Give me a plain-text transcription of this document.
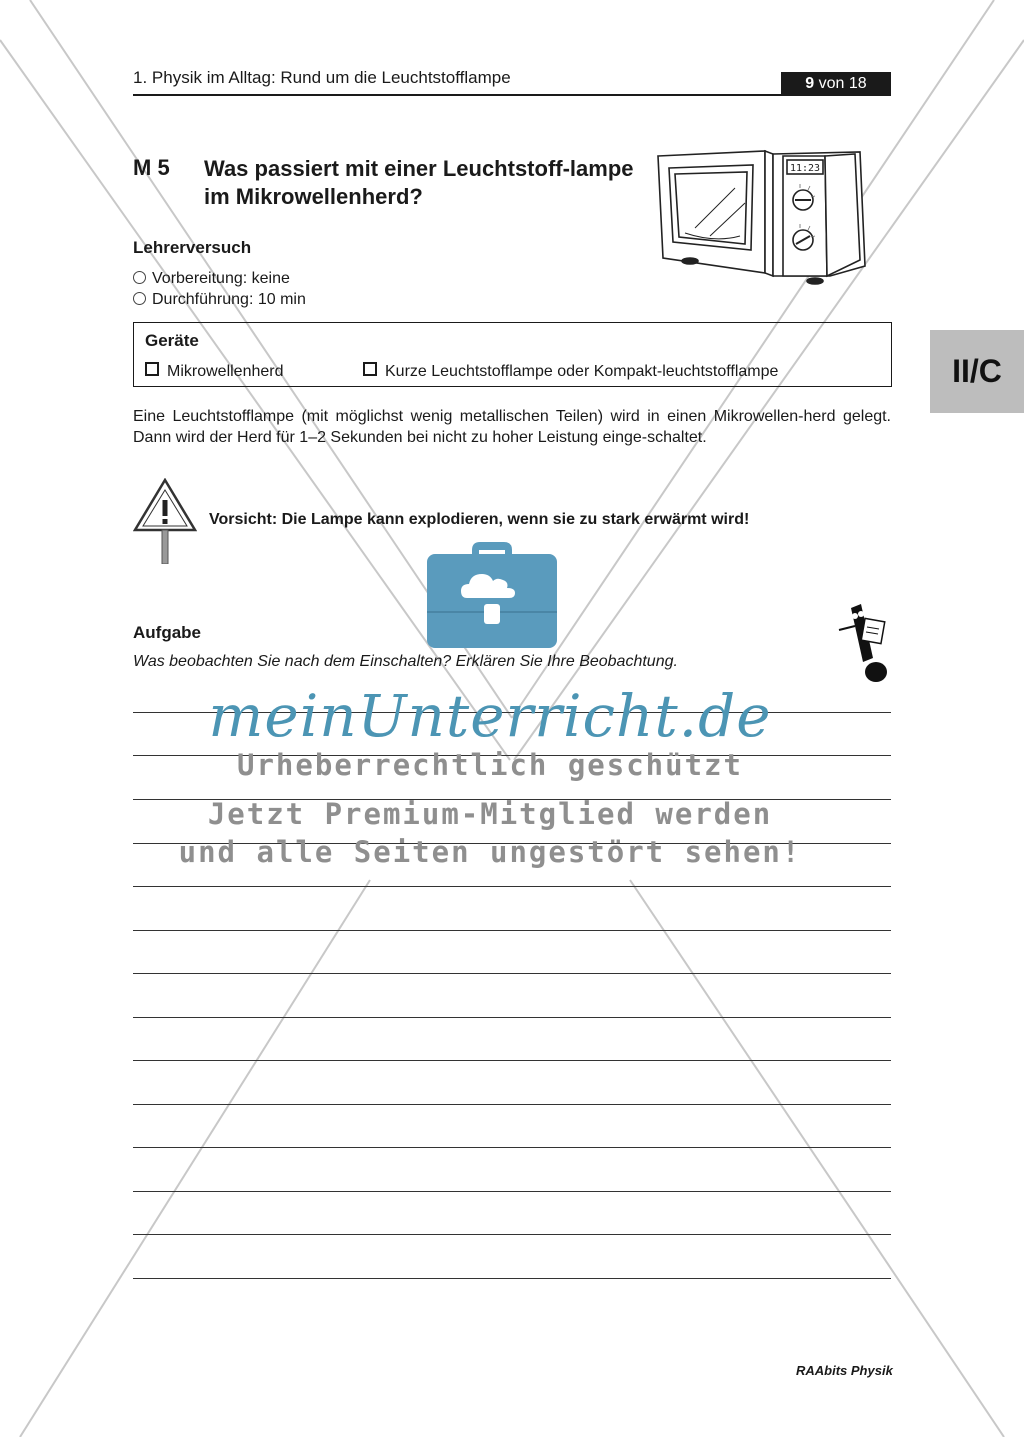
1. Physik im Alltag: Rund um die Leuchtstofflampe	9 von 18
II/C
M 5 Was passiert mit einer Leuchtstoff-lampe im Mikrowellenherd?
11:23
Lehrerversuch
Vorbereitung: keine
Durchführung: 10 min
Geräte
Mikrowellenherd	Kurze Leuchtstofflampe oder Kompakt-leuchtstofflampe
Eine Leuchtstofflampe (mit möglichst wenig metallischen Teilen) wird in einen Mikrowellen-herd gelegt. Dann wird der Herd für 1–2 Sekunden bei nicht zu hoher Leistung einge-schaltet.
Vorsicht: Die Lampe kann explodieren, wenn sie zu stark erwärmt wird!
Aufgabe
Was beobachten Sie nach dem Einschalten? Erklären Sie Ihre Beobachtung.
meinUnterricht.de
Urheberrechtlich geschützt
Jetzt Premium-Mitglied werden
und alle Seiten ungestört sehen!
RAAbits Physik
